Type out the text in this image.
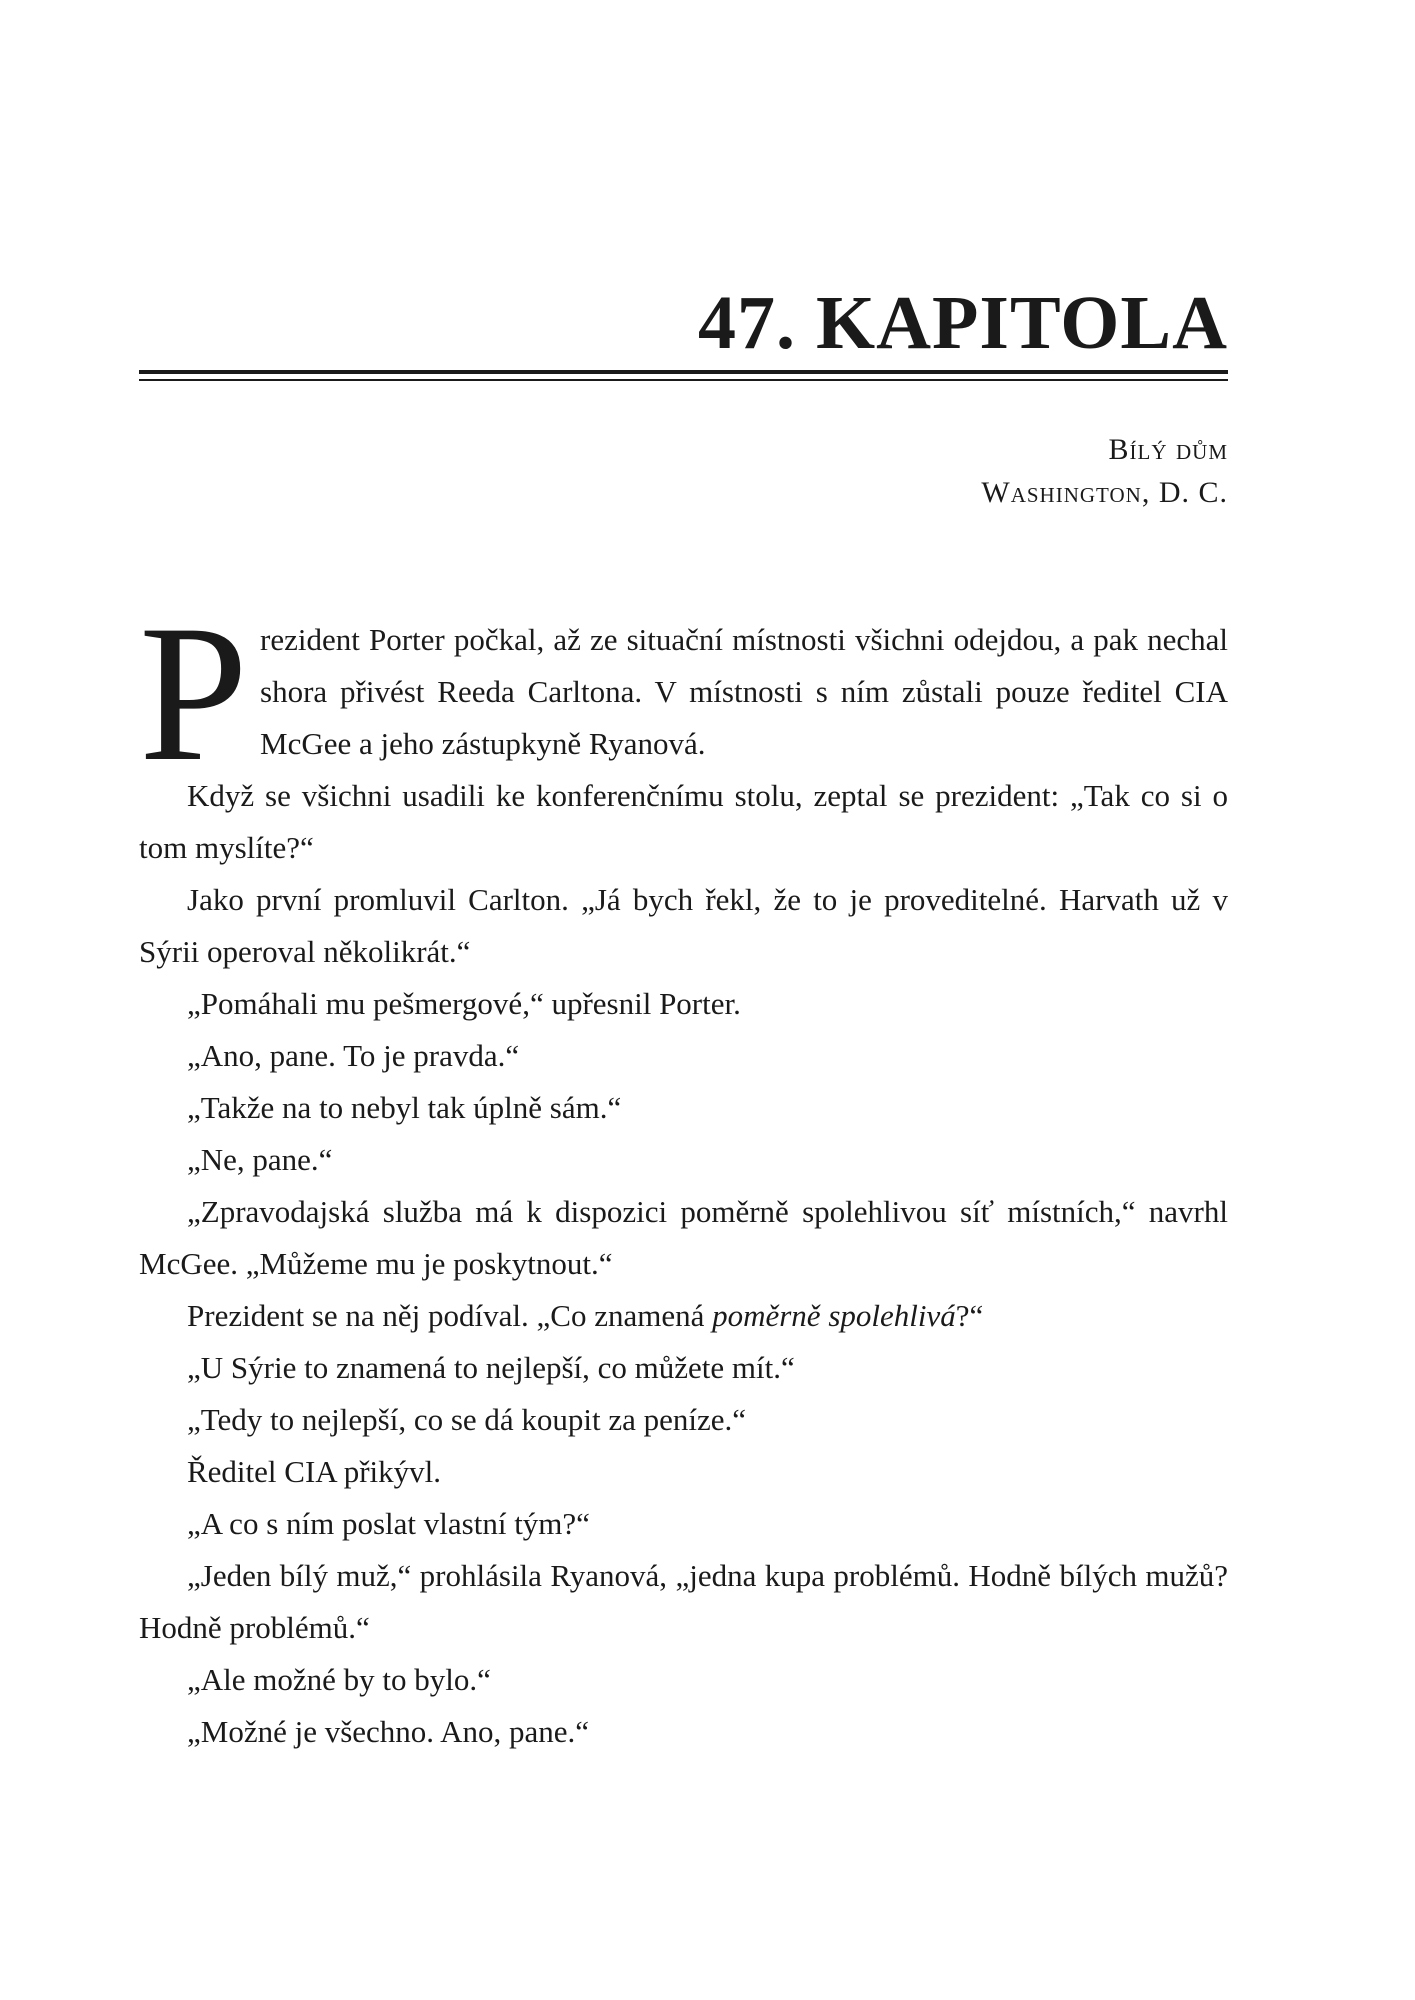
47. KAPITOLA
Bílý dům
Washington, D. C.

Prezident Porter počkal, až ze situační místnosti všichni odejdou, a pak nechal shora přivést Reeda Carltona. V místnosti s ním zůstali pouze ředitel CIA McGee a jeho zástupkyně Ryanová.

Když se všichni usadili ke konferenčnímu stolu, zeptal se prezident: „Tak co si o tom myslíte?“

Jako první promluvil Carlton. „Já bych řekl, že to je proveditelné. Harvath už v Sýrii operoval několikrát.“

„Pomáhali mu pešmergové,“ upřesnil Porter.

„Ano, pane. To je pravda.“

„Takže na to nebyl tak úplně sám.“

„Ne, pane.“

„Zpravodajská služba má k dispozici poměrně spolehlivou síť místních,“ navrhl McGee. „Můžeme mu je poskytnout.“

Prezident se na něj podíval. „Co znamená poměrně spolehlivá?“

„U Sýrie to znamená to nejlepší, co můžete mít.“

„Tedy to nejlepší, co se dá koupit za peníze.“

Ředitel CIA přikývl.

„A co s ním poslat vlastní tým?“

„Jeden bílý muž,“ prohlásila Ryanová, „jedna kupa problémů. Hodně bílých mužů? Hodně problémů.“

„Ale možné by to bylo.“

„Možné je všechno. Ano, pane.“
